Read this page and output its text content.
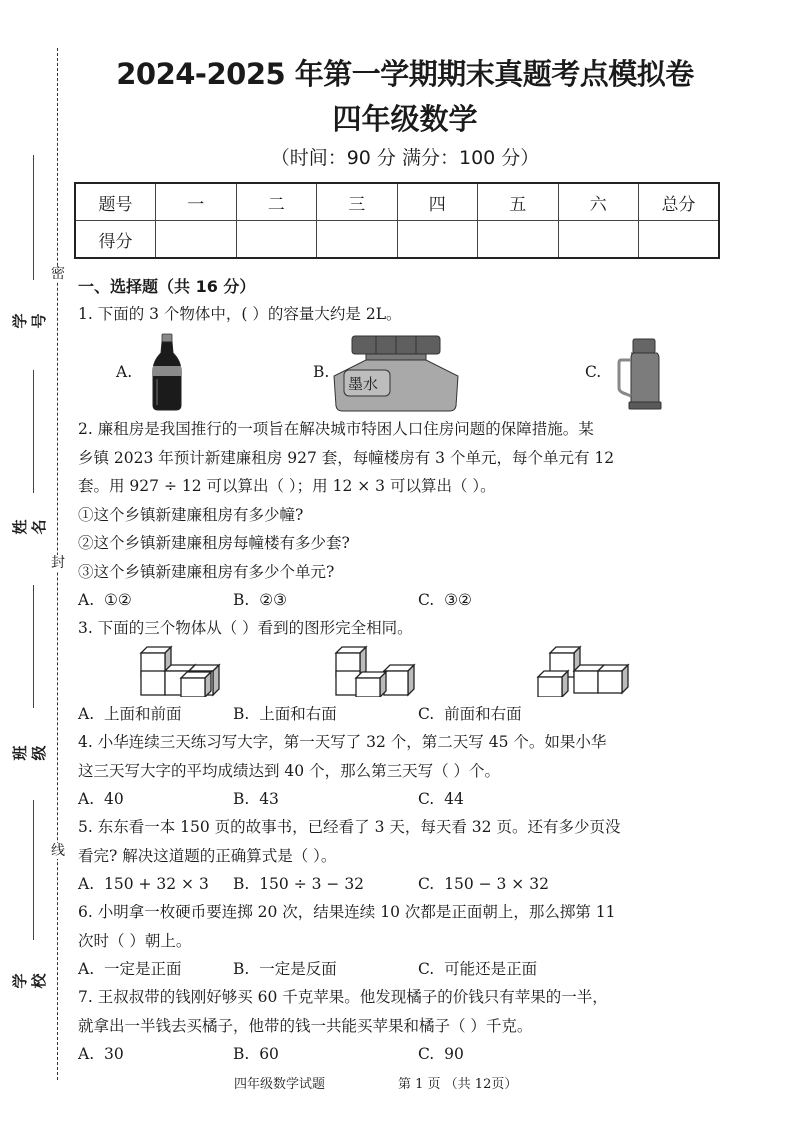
密
封
线
学号
姓名
班级
学校
2024-2025 年第一学期期末真题考点模拟卷
四年级数学
（时间：90 分 满分：100 分）
题号	一	二	三	四	五	六	总分
得分							
一、选择题（共 16 分）
1. 下面的 3 个物体中，( ）的容量大约是 2L。
A.	B.
墨水
C.
2. 廉租房是我国推行的一项旨在解决城市特困人口住房问题的保障措施。某
乡镇 2023 年预计新建廉租房 927 套，每幢楼房有 3 个单元，每个单元有 12
套。用 927 ÷ 12 可以算出（ ）；用 12 × 3 可以算出（ ）。
①这个乡镇新建廉租房有多少幢?
②这个乡镇新建廉租房每幢楼有多少套?
③这个乡镇新建廉租房有多少个单元?
A. ①②	B. ②③	C. ③②
3. 下面的三个物体从（ ）看到的图形完全相同。
A. 上面和前面	B. 上面和右面	C. 前面和右面
4. 小华连续三天练习写大字，第一天写了 32 个，第二天写 45 个。如果小华
这三天写大字的平均成绩达到 40 个，那么第三天写（ ）个。
A. 40	B. 43	C. 44
5. 东东看一本 150 页的故事书，已经看了 3 天，每天看 32 页。还有多少页没
看完? 解决这道题的正确算式是（ ）。
A. 150 + 32 × 3 B. 150 ÷ 3 − 32	C. 150 − 3 × 32
6. 小明拿一枚硬币要连掷 20 次，结果连续 10 次都是正面朝上，那么掷第 11
次时（ ）朝上。
A. 一定是正面	B. 一定是反面	C. 可能还是正面
7. 王叔叔带的钱刚好够买 60 千克苹果。他发现橘子的价钱只有苹果的一半，
就拿出一半钱去买橘子，他带的钱一共能买苹果和橘子（ ）千克。
A. 30	B. 60	C. 90
四年级数学试题	第 1 页 （共 12页）
